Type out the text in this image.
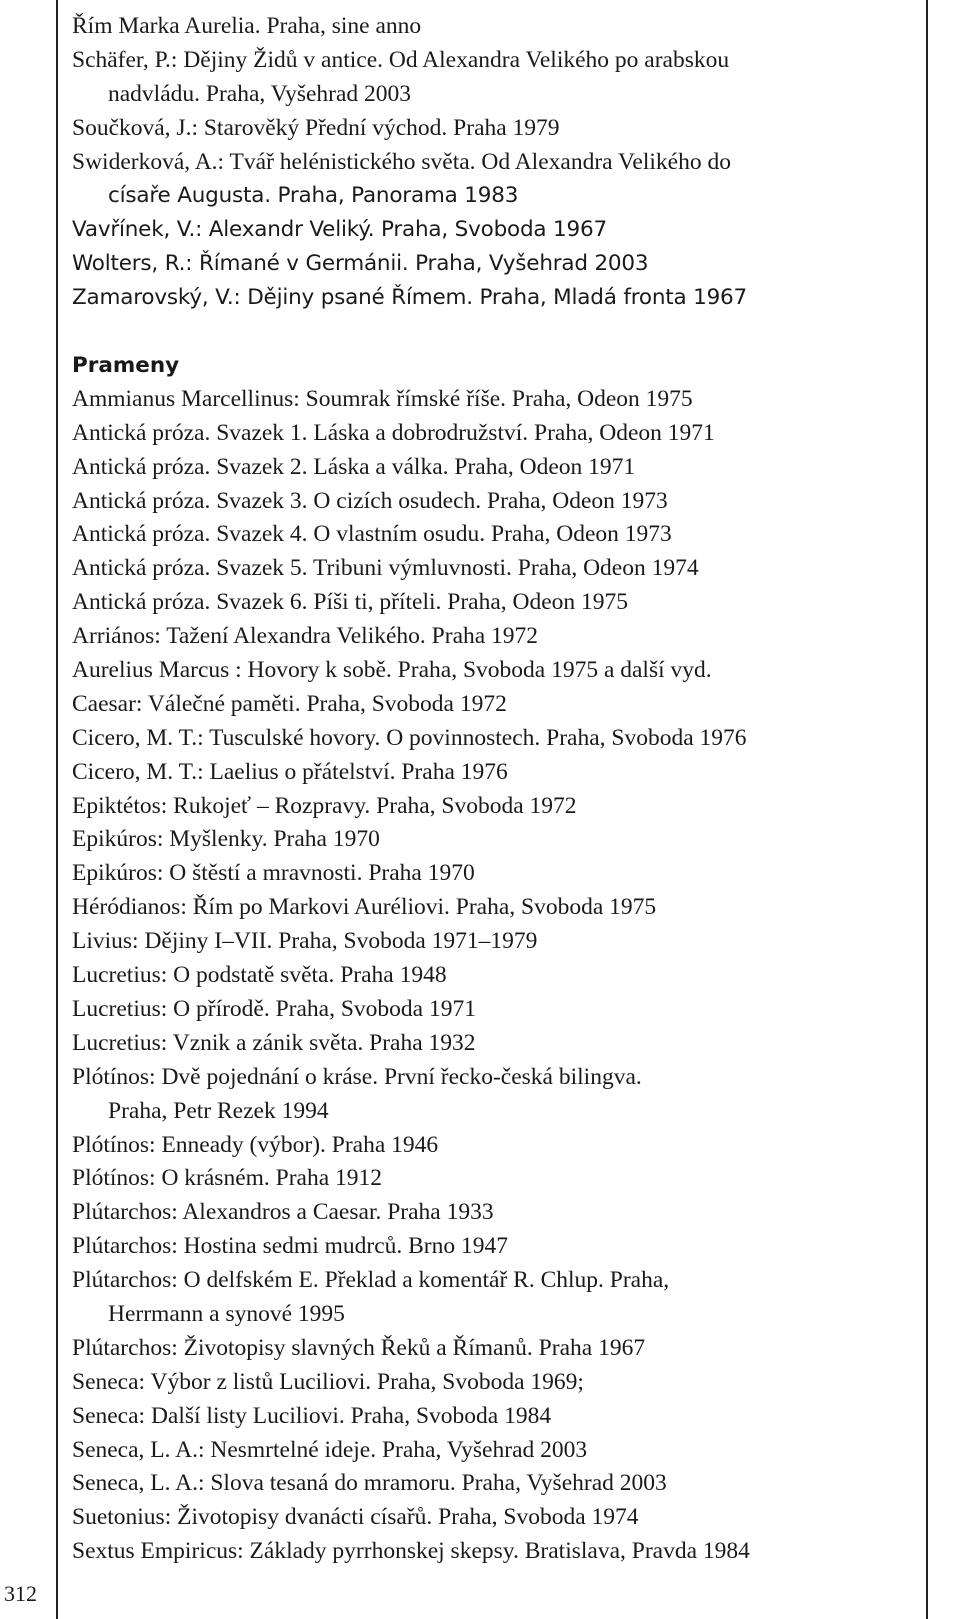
312
Řím Marka Aurelia. Praha, sine anno
Schäfer, P.: Dějiny Židů v antice. Od Alexandra Velikého po arabskou
nadvládu. Praha, Vyšehrad 2003
Součková, J.: Starověký Přední východ. Praha 1979
Swiderková, A.: Tvář helénistického světa. Od Alexandra Velikého do
císaře Augusta. Praha, Panorama 1983
Vavřínek, V.: Alexandr Veliký. Praha, Svoboda 1967
Wolters, R.: Římané v Germánii. Praha, Vyšehrad 2003
Zamarovský, V.: Dějiny psané Římem. Praha, Mladá fronta 1967
Prameny
Ammianus Marcellinus: Soumrak římské říše. Praha, Odeon 1975
Antická próza. Svazek 1. Láska a dobrodružství. Praha, Odeon 1971
Antická próza. Svazek 2. Láska a válka. Praha, Odeon 1971
Antická próza. Svazek 3. O cizích osudech. Praha, Odeon 1973
Antická próza. Svazek 4. O vlastním osudu. Praha, Odeon 1973
Antická próza. Svazek 5. Tribuni výmluvnosti. Praha, Odeon 1974
Antická próza. Svazek 6. Píši ti, příteli. Praha, Odeon 1975
Arriános: Tažení Alexandra Velikého. Praha 1972
Aurelius Marcus : Hovory k sobě. Praha, Svoboda 1975 a další vyd.
Caesar: Válečné paměti. Praha, Svoboda 1972
Cicero, M. T.: Tusculské hovory. O povinnostech. Praha, Svoboda 1976
Cicero, M. T.: Laelius o přátelství. Praha 1976
Epiktétos: Rukojeť – Rozpravy. Praha, Svoboda 1972
Epikúros: Myšlenky. Praha 1970
Epikúros: O štěstí a mravnosti. Praha 1970
Héródianos: Řím po Markovi Auréliovi. Praha, Svoboda 1975
Livius: Dějiny I–VII. Praha, Svoboda 1971–1979
Lucretius: O podstatě světa. Praha 1948
Lucretius: O přírodě. Praha, Svoboda 1971
Lucretius: Vznik a zánik světa. Praha 1932
Plótínos: Dvě pojednání o kráse. První řecko-česká bilingva.
Praha, Petr Rezek 1994
Plótínos: Enneady (výbor). Praha 1946
Plótínos: O krásném. Praha 1912
Plútarchos: Alexandros a Caesar. Praha 1933
Plútarchos: Hostina sedmi mudrců. Brno 1947
Plútarchos: O delfském E. Překlad a komentář R. Chlup. Praha,
Herrmann a synové 1995
Plútarchos: Životopisy slavných Řeků a Římanů. Praha 1967
Seneca: Výbor z listů Luciliovi. Praha, Svoboda 1969;
Seneca: Další listy Luciliovi. Praha, Svoboda 1984
Seneca, L. A.: Nesmrtelné ideje. Praha, Vyšehrad 2003
Seneca, L. A.: Slova tesaná do mramoru. Praha, Vyšehrad 2003
Suetonius: Životopisy dvanácti císařů. Praha, Svoboda 1974
Sextus Empiricus: Základy pyrrhonskej skepsy. Bratislava, Pravda 1984
